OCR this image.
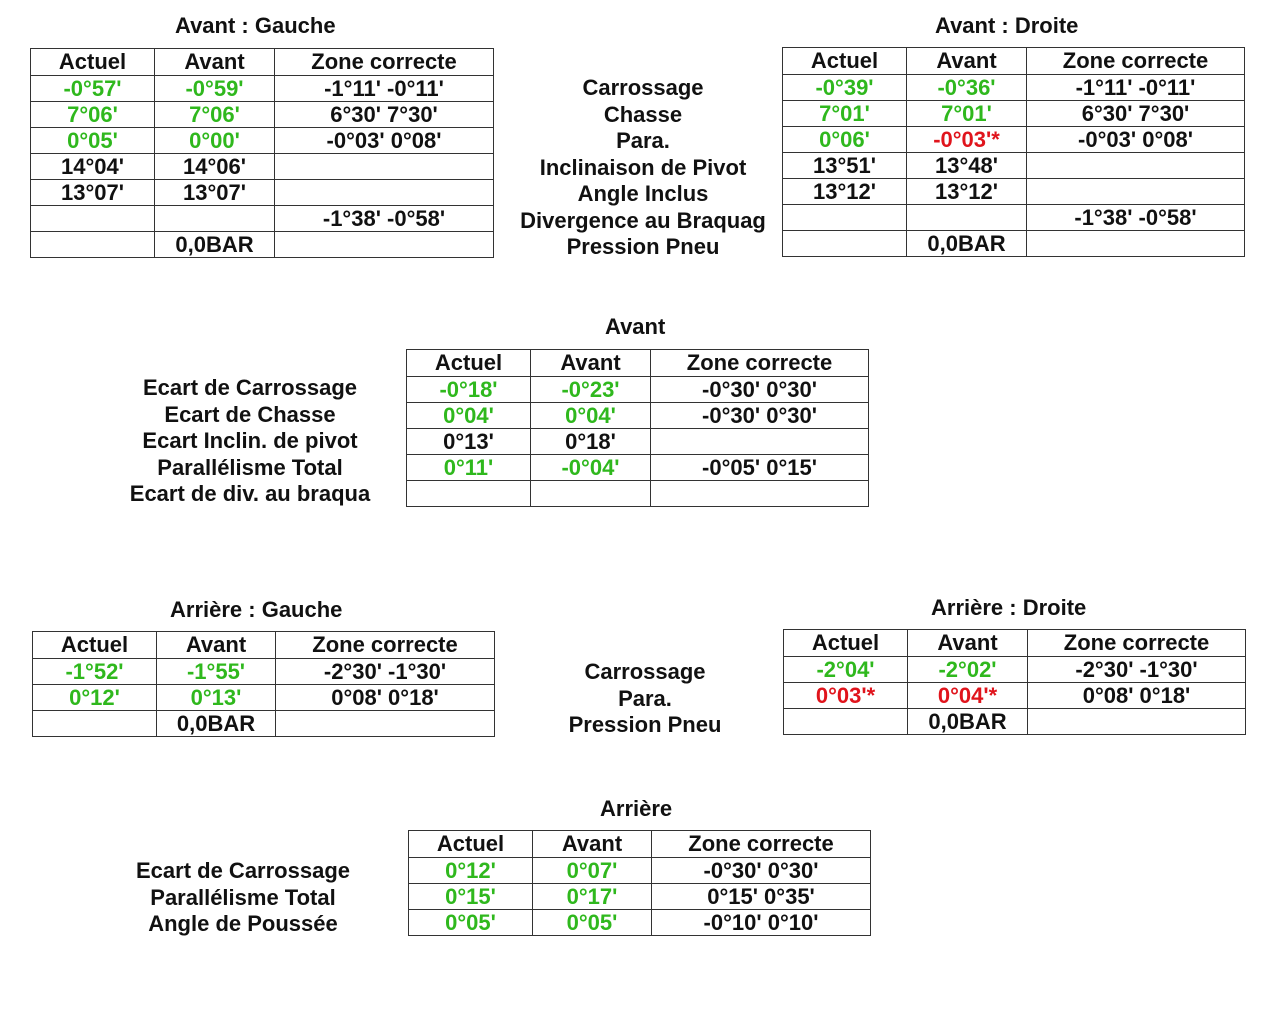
Avant : Gauche
Actuel	Avant	Zone correcte
-0°57'	-0°59'	-1°11' -0°11'
7°06'	7°06'	6°30' 7°30'
0°05'	0°00'	-0°03' 0°08'
14°04'	14°06'	
13°07'	13°07'	
		-1°38' -0°58'
	0,0BAR	
Avant : Droite
Actuel	Avant	Zone correcte
-0°39'	-0°36'	-1°11' -0°11'
7°01'	7°01'	6°30' 7°30'
0°06'	-0°03'*	-0°03' 0°08'
13°51'	13°48'	
13°12'	13°12'	
		-1°38' -0°58'
	0,0BAR	
Carrossage
Chasse
Para.
Inclinaison de Pivot
Angle Inclus
Divergence au Braquag
Pression Pneu
Avant
Ecart de Carrossage
Ecart de Chasse
Ecart Inclin. de pivot
Parallélisme Total
Ecart de div. au braqua
Actuel	Avant	Zone correcte
-0°18'	-0°23'	-0°30' 0°30'
0°04'	0°04'	-0°30' 0°30'
0°13'	0°18'	
0°11'	-0°04'	-0°05' 0°15'

Arrière : Gauche
Actuel	Avant	Zone correcte
-1°52'	-1°55'	-2°30' -1°30'
0°12'	0°13'	0°08' 0°18'
	0,0BAR	
Arrière : Droite
Actuel	Avant	Zone correcte
-2°04'	-2°02'	-2°30' -1°30'
0°03'*	0°04'*	0°08' 0°18'
	0,0BAR	
Carrossage
Para.
Pression Pneu
Arrière
Ecart de Carrossage
Parallélisme Total
Angle de Poussée
Actuel	Avant	Zone correcte
0°12'	0°07'	-0°30' 0°30'
0°15'	0°17'	0°15' 0°35'
0°05'	0°05'	-0°10' 0°10'
